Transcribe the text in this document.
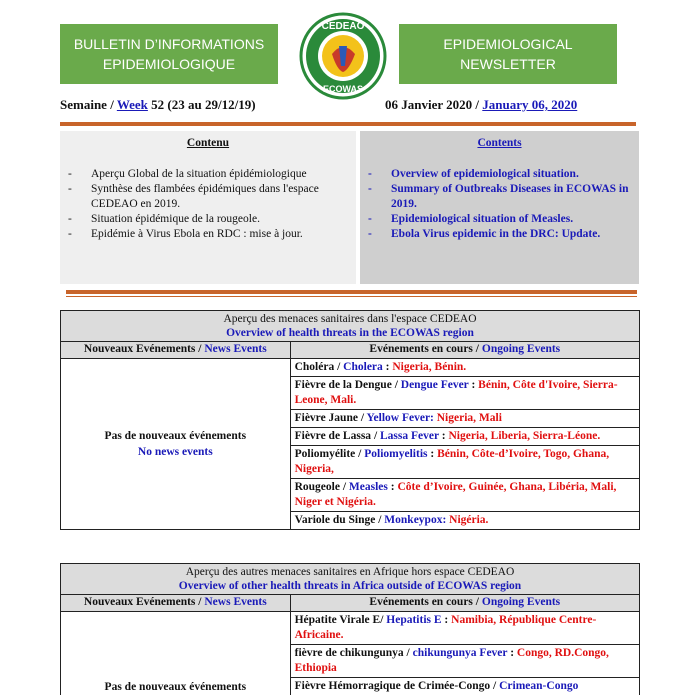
BULLETIN D’INFORMATIONS
EPIDEMIOLOGIQUE
CEDEAO
ECOWAS
EPIDEMIOLOGICAL
NEWSLETTER
Semaine / Week 52 (23 au 29/12/19)	06 Janvier 2020 / January 06, 2020
Contenu
- Aperçu Global de la situation épidémiologique
- Synthèse des flambées épidémiques dans l'espace CEDEAO en 2019.
- Situation épidémique de la rougeole.
- Epidémie à Virus Ebola en RDC : mise à jour.
Contents
- Overview of epidemiological situation.
- Summary of Outbreaks Diseases in ECOWAS in 2019.
- Epidemiological situation of Measles.
- Ebola Virus epidemic in the DRC: Update.
Aperçu des menaces sanitaires dans l'espace CEDEAO
Overview of health threats in the ECOWAS region	

Nouveaux Evénements / News Events	Evénements en cours / Ongoing Events

Pas de nouveaux événements
No news events	Choléra / Cholera : Nigeria, Bénin.
	Fièvre de la Dengue / Dengue Fever : Bénin, Côte d'Ivoire, Sierra-Leone, Mali.
	Fièvre Jaune / Yellow Fever: Nigeria, Mali
	Fièvre de Lassa / Lassa Fever : Nigeria, Liberia, Sierra-Léone.
	Poliomyélite / Poliomyelitis : Bénin, Côte-d’Ivoire, Togo, Ghana, Nigeria,
	Rougeole / Measles : Côte d’Ivoire, Guinée, Ghana, Libéria, Mali, Niger et Nigéria.
	Variole du Singe / Monkeypox: Nigéria.
Aperçu des autres menaces sanitaires en Afrique hors espace CEDEAO
Overview of other health threats in Africa outside of ECOWAS region	

Nouveaux Evénements / News Events	Evénements en cours / Ongoing Events

Pas de nouveaux événements	Hépatite Virale E/ Hepatitis E : Namibia, République Centre- Africaine.
	fièvre de chikungunya / chikungunya Fever : Congo, RD.Congo, Ethiopia
	Fièvre Hémorragique de Crimée-Congo / Crimean-Congo
